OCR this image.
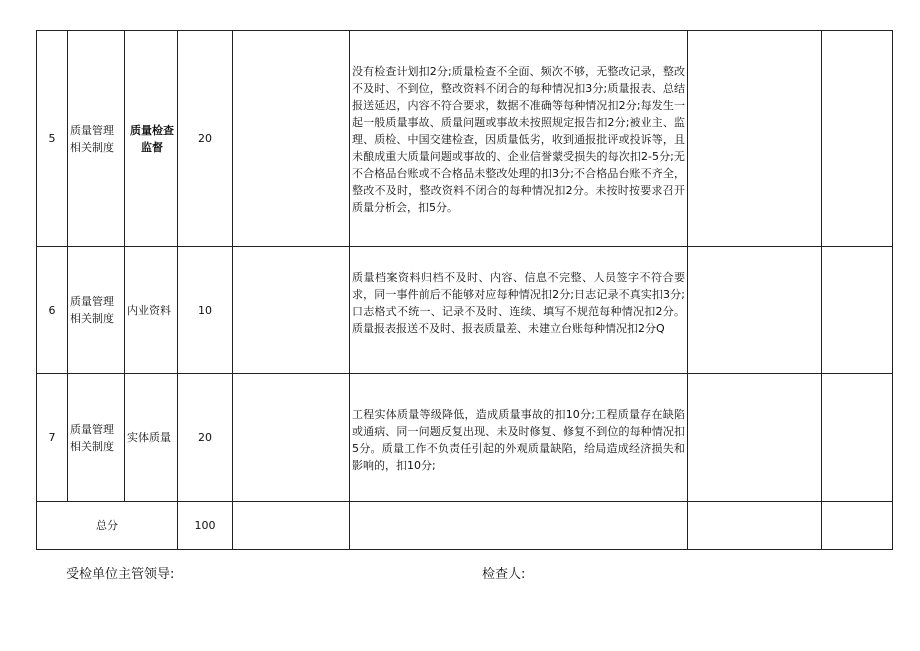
5	质量管理相关制度	质量检查监督	20		没有检查计划扣2分;质量检查不全面、频次不够，无整改记录，整改不及时、不到位，整改资料不闭合的每种情况扣3分;质量报表、总结报送延迟，内容不符合要求，数据不准确等每种情况扣2分;每发生一起一般质量事故、质量问题或事故未按照规定报告扣2分;被业主、监理、质检、中国交建检查，因质量低劣，收到通报批评或投诉等，且未酿成重大质量问题或事故的、企业信誉蒙受损失的每次扣2-5分;无不合格品台账或不合格品未整改处理的扣3分;不合格品台账不齐全，整改不及时，整改资料不闭合的每种情况扣2分。未按时按要求召开质量分析会，扣5分。		
6	质量管理相关制度	内业资料	10		质量档案资料归档不及时、内容、信息不完整、人员签字不符合要求，同一事件前后不能够对应每种情况扣2分;日志记录不真实扣3分;口志格式不统一、记录不及时、连续、填写不规范每种情况扣2分。质量报表报送不及时、报表质量差、未建立台账每种情况扣2分Q		
7	质量管理相关制度	实体质量	20		工程实体质量等级降低，造成质量事故的扣10分;工程质量存在缺陷或通病、同一问题反复出现、未及时修复、修复不到位的每种情况扣5分。质量工作不负责任引起的外观质量缺陷，给局造成经济损失和影响的，扣10分;		
总分			100				
受检单位主管领导:	检查人:
